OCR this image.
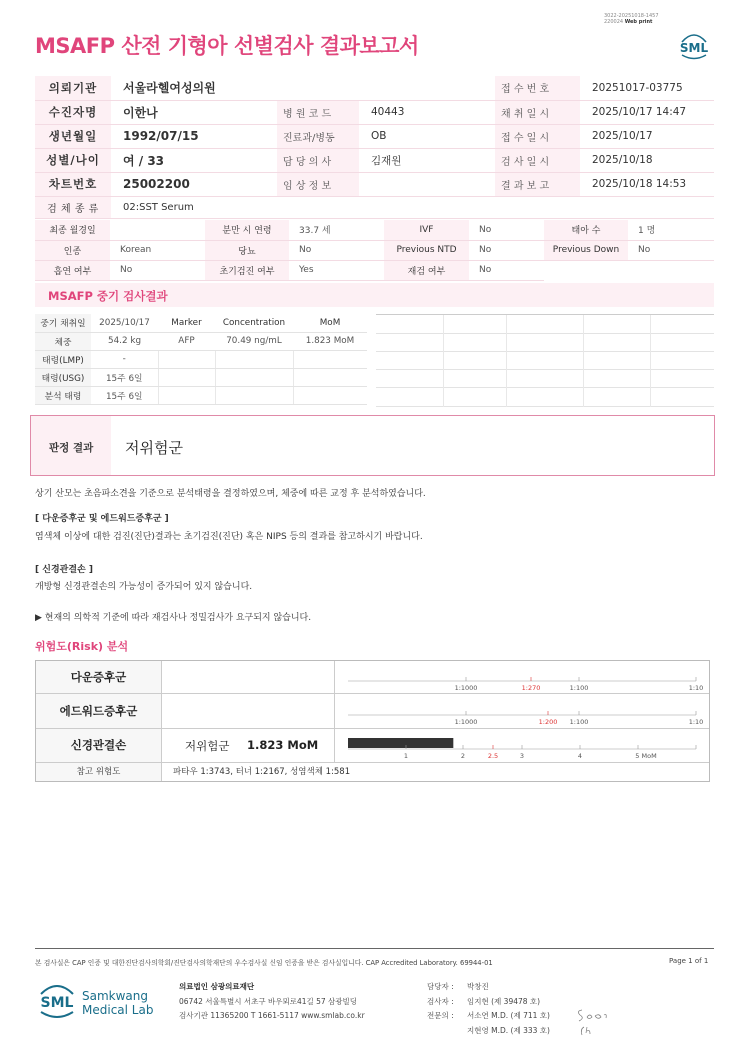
3022-20251018-1457
220024 Web print
MSAFP 산전 기형아 선별검사 결과보고서	SML
의뢰기관	서울라헬여성의원			접 수 번 호	20251017-03775
수진자명	이한나	병 원 코 드	40443	채 취 일 시	2025/10/17 14:47
생년월일	1992/07/15	진료과/병동	OB	접 수 일 시	2025/10/17
성별/나이	여 / 33	담 당 의 사	김재원	검 사 일 시	2025/10/18
차트번호	25002200	임 상 정 보		결 과 보 고	2025/10/18 14:53
검 체 종 류	02:SST Serum				
최종 월경일		분만 시 연령	33.7 세	IVF	No	태아 수	1 명
인종	Korean	당뇨	No	Previous NTD	No	Previous Down	No
흡연 여부	No	초기검진 여부	Yes	재검 여부	No		
MSAFP 중기 검사결과
중기 채취일	2025/10/17	Marker	Concentration	MoM
체중	54.2 kg	AFP	70.49 ng/mL	1.823 MoM
태령(LMP)	-			
태령(USG)	15주 6일			
분석 태령	15주 6일			
판정 결과 저위험군
상기 산모는 초음파소견을 기준으로 분석태령을 결정하였으며, 체중에 따른 교정 후 분석하였습니다.
[ 다운증후군 및 에드워드증후군 ]
염색체 이상에 대한 검진(진단)결과는 초기검진(진단) 혹은 NIPS 등의 결과를 참고하시기 바랍니다.
[ 신경관결손 ]
개방형 신경관결손의 가능성이 증가되어 있지 않습니다.
▶ 현재의 의학적 기준에 따라 재검사나 정밀검사가 요구되지 않습니다.
위험도(Risk) 분석
다운증후군
1:1000	1:270	1:100	1:10
에드워드증후군
1:1000	1:200 1:100	1:10
신경관결손	저위험군 1.823 MoM
1	2	2.5	3	4	5 MoM
참고 위험도	파타우 1:3743, 터너 1:2167, 성염색체 1:581
본 검사실은 CAP 인증 및 대한진단검사의학회/진단검사의학재단의 우수검사실 신임 인증을 받은 검사실입니다. CAP Accredited Laboratory. 69944-01	Page 1 of 1
SML Samkwang
Medical Lab
의료법인 삼광의료재단
06742 서울특별시 서초구 바우뫼로41길 57 삼광빌딩
검사기관 11365200 T 1661-5117 www.smlab.co.kr
담당자 : 박창진
검사자 : 임지현 (제 39478 호)
전문의 : 서소연 M.D. (제 711 호)
지현영 M.D. (제 333 호)
